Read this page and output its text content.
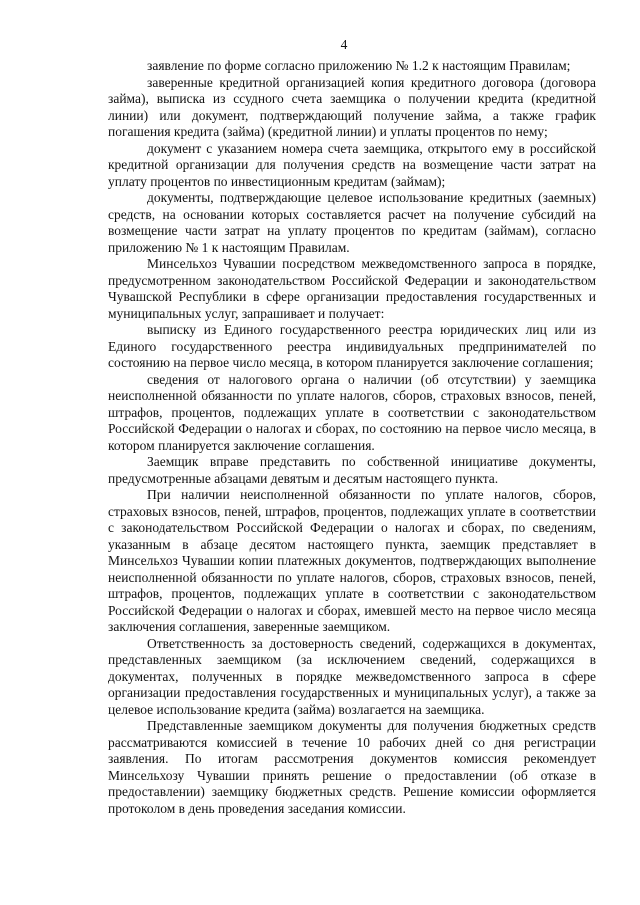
4

заявление по форме согласно приложению № 1.2 к настоящим Правилам;

заверенные кредитной организацией копия кредитного договора (договора займа), выписка из ссудного счета заемщика о получении кредита (кредитной линии) или документ, подтверждающий получение займа, а также график погашения кредита (займа) (кредитной линии) и уплаты процентов по нему;

документ с указанием номера счета заемщика, открытого ему в российской кредитной организации для получения средств на возмещение части затрат на уплату процентов по инвестиционным кредитам (займам);

документы, подтверждающие целевое использование кредитных (заемных) средств, на основании которых составляется расчет на получение субсидий на возмещение части затрат на уплату процентов по кредитам (займам), согласно приложению № 1 к настоящим Правилам.

Минсельхоз Чувашии посредством межведомственного запроса в порядке, предусмотренном законодательством Российской Федерации и законодательством Чувашской Республики в сфере организации предоставления государственных и муниципальных услуг, запрашивает и получает:

выписку из Единого государственного реестра юридических лиц или из Единого государственного реестра индивидуальных предпринимателей по состоянию на первое число месяца, в котором планируется заключение соглашения;

сведения от налогового органа о наличии (об отсутствии) у заемщика неисполненной обязанности по уплате налогов, сборов, страховых взносов, пеней, штрафов, процентов, подлежащих уплате в соответствии с законодательством Российской Федерации о налогах и сборах, по состоянию на первое число месяца, в котором планируется заключение соглашения.

Заемщик вправе представить по собственной инициативе документы, предусмотренные абзацами девятым и десятым настоящего пункта.

При наличии неисполненной обязанности по уплате налогов, сборов, страховых взносов, пеней, штрафов, процентов, подлежащих уплате в соответствии с законодательством Российской Федерации о налогах и сборах, по сведениям, указанным в абзаце десятом настоящего пункта, заемщик представляет в Минсельхоз Чувашии копии платежных документов, подтверждающих выполнение неисполненной обязанности по уплате налогов, сборов, страховых взносов, пеней, штрафов, процентов, подлежащих уплате в соответствии с законодательством Российской Федерации о налогах и сборах, имевшей место на первое число месяца заключения соглашения, заверенные заемщиком.

Ответственность за достоверность сведений, содержащихся в документах, представленных заемщиком (за исключением сведений, содержащихся в документах, полученных в порядке межведомственного запроса в сфере организации предоставления государственных и муниципальных услуг), а также за целевое использование кредита (займа) возлагается на заемщика.

Представленные заемщиком документы для получения бюджетных средств рассматриваются комиссией в течение 10 рабочих дней со дня регистрации заявления. По итогам рассмотрения документов комиссия рекомендует Минсельхозу Чувашии принять решение о предоставлении (об отказе в предоставлении) заемщику бюджетных средств. Решение комиссии оформляется протоколом в день проведения заседания комиссии.
